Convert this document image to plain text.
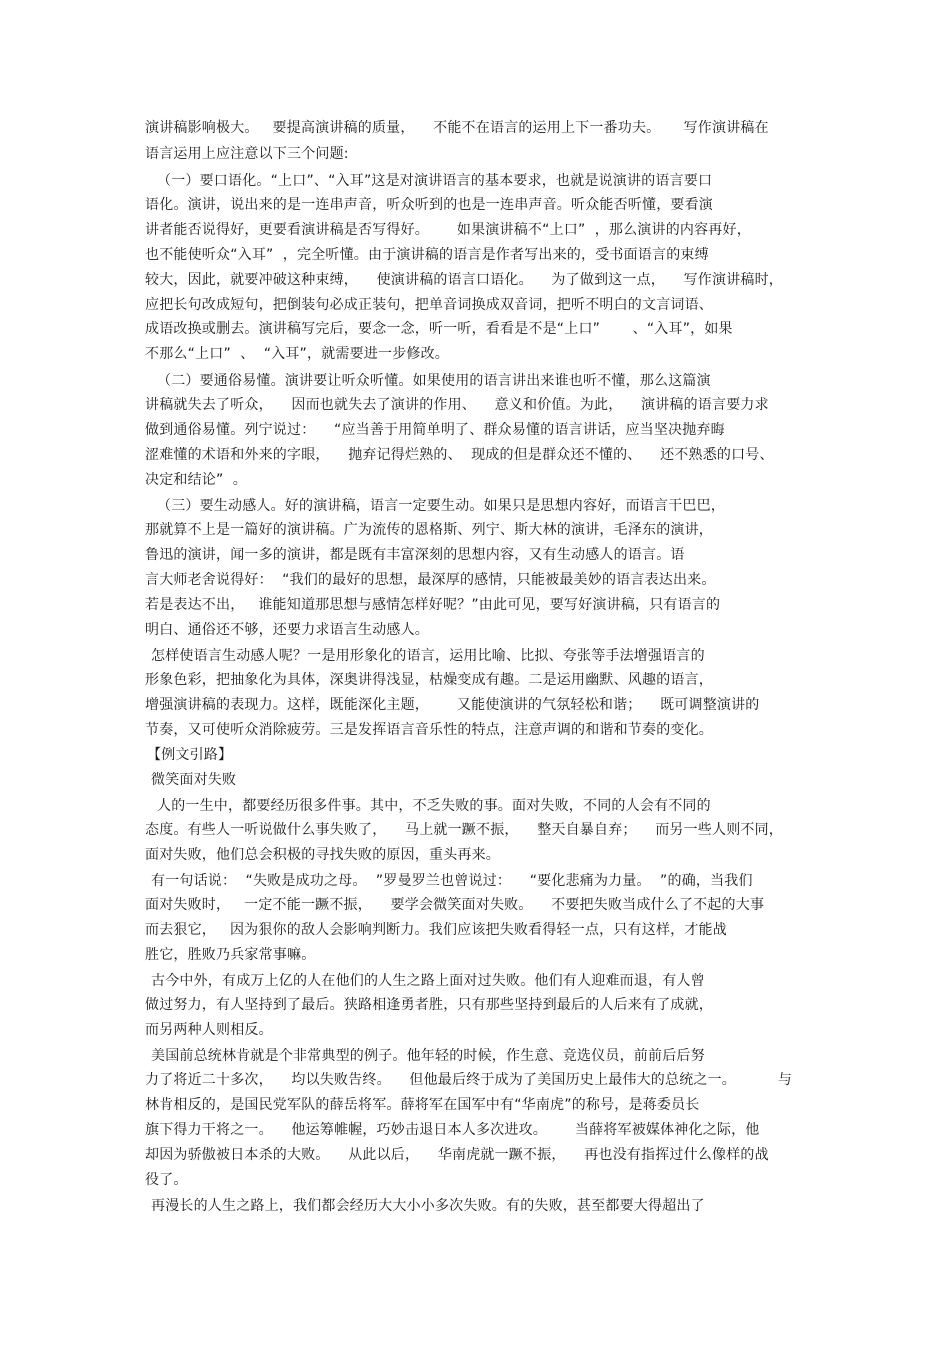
演讲稿影响极大。   要提高演讲稿的质量，    不能不在语言的运用上下一番功夫。     写作演讲稿在
语言运用上应注意以下三个问题:
（一）要口语化。“上口”、“入耳”这是对演讲语言的基本要求，也就是说演讲的语言要口
语化。演讲，说出来的是一连串声音，听众听到的也是一连串声音。听众能否听懂，要看演
讲者能否说得好，更要看演讲稿是否写得好。      如果演讲稿不“上口”  ，那么演讲的内容再好，
也不能使听众“入耳”  ，完全听懂。由于演讲稿的语言是作者写出来的，受书面语言的束缚
较大，因此，就要冲破这种束缚，    使演讲稿的语言口语化。    为了做到这一点，    写作演讲稿时，
应把长句改成短句，把倒装句必成正装句，把单音词换成双音词，把听不明白的文言词语、
成语改换或删去。演讲稿写完后，要念一念，听一听，看看是不是“上口”       、“入耳”，如果
不那么“上口”  、  “入耳”，就需要进一步修改。
（二）要通俗易懂。演讲要让听众听懂。如果使用的语言讲出来谁也听不懂，那么这篇演
讲稿就失去了听众，    因而也就失去了演讲的作用、    意义和价值。为此，    演讲稿的语言要力求
做到通俗易懂。列宁说过：    “应当善于用简单明了、群众易懂的语言讲话，应当坚决抛弃晦
涩难懂的术语和外来的字眼，    抛弃记得烂熟的、  现成的但是群众还不懂的、    还不熟悉的口号、
决定和结论”  。
（三）要生动感人。好的演讲稿，语言一定要生动。如果只是思想内容好，而语言干巴巴，
那就算不上是一篇好的演讲稿。广为流传的恩格斯、列宁、斯大林的演讲，毛泽东的演讲，
鲁迅的演讲，闻一多的演讲，都是既有丰富深刻的思想内容，又有生动感人的语言。语
言大师老舍说得好：  “我们的最好的思想，最深厚的感情，只能被最美妙的语言表达出来。
若是表达不出，   谁能知道那思想与感情怎样好呢？”由此可见，要写好演讲稿，只有语言的
明白、通俗还不够，还要力求语言生动感人。
怎样使语言生动感人呢？一是用形象化的语言，运用比喻、比拟、夸张等手法增强语言的
形象色彩，把抽象化为具体，深奥讲得浅显，枯燥变成有趣。二是运用幽默、风趣的语言，
增强演讲稿的表现力。这样，既能深化主题，      又能使演讲的气氛轻松和谐；    既可调整演讲的
节奏，又可使听众消除疲劳。三是发挥语言音乐性的特点，注意声调的和谐和节奏的变化。
【例文引路】
微笑面对失败
人的一生中，都要经历很多件事。其中，不乏失败的事。面对失败，不同的人会有不同的
态度。有些人一听说做什么事失败了，    马上就一蹶不振，    整天自暴自弃；    而另一些人则不同，
面对失败，他们总会积极的寻找失败的原因，重头再来。
有一句话说：  “失败是成功之母。  ”罗曼罗兰也曾说过：    “要化悲痛为力量。  ”的确，当我们
面对失败时，   一定不能一蹶不振，    要学会微笑面对失败。    不要把失败当成什么了不起的大事
而去狠它，   因为狠你的敌人会影响判断力。我们应该把失败看得轻一点，只有这样，才能战
胜它，胜败乃兵家常事嘛。
古今中外，有成万上亿的人在他们的人生之路上面对过失败。他们有人迎难而退，有人曾
做过努力，有人坚持到了最后。狭路相逢勇者胜，只有那些坚持到最后的人后来有了成就，
而另两种人则相反。
美国前总统林肯就是个非常典型的例子。他年轻的时候，作生意、竞选仪员，前前后后努
力了将近二十多次，    均以失败告终。    但他最后终于成为了美国历史上最伟大的总统之一。         与
林肯相反的，是国民党军队的薛岳将军。薛将军在国军中有“华南虎”的称号，是蒋委员长
旗下得力干将之一。    他运筹帷幄，巧妙击退日本人多次进攻。      当薛将军被媒体神化之际，他
却因为骄傲被日本杀的大败。    从此以后，    华南虎就一蹶不振，    再也没有指挥过什么像样的战
役了。
再漫长的人生之路上，我们都会经历大大小小多次失败。有的失败，甚至都要大得超出了
